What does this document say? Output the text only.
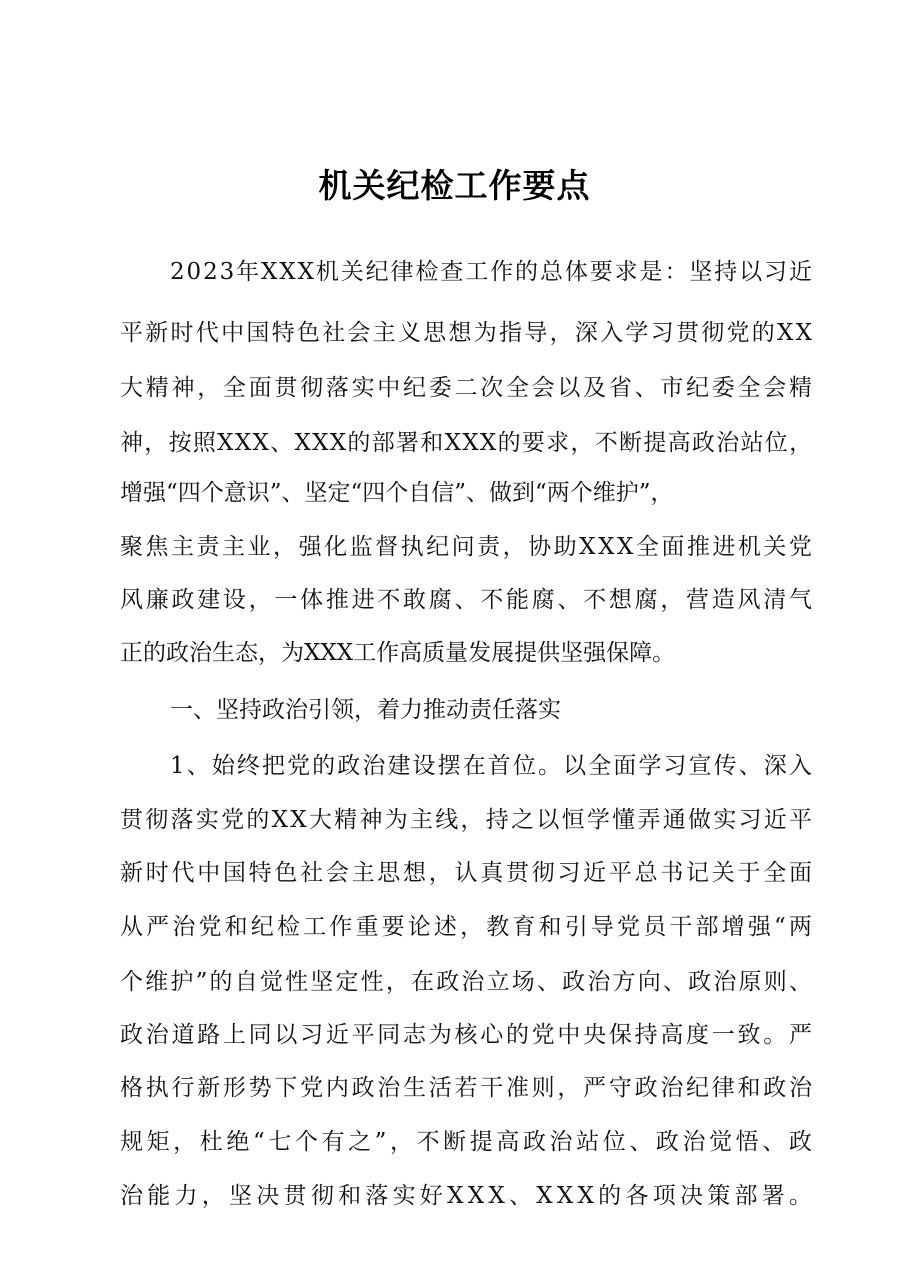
机关纪检工作要点
2023年XXX机关纪律检查工作的总体要求是：坚持以习近
平新时代中国特色社会主义思想为指导，深入学习贯彻党的XX
大精神，全面贯彻落实中纪委二次全会以及省、市纪委全会精
神，按照XXX、XXX的部署和XXX的要求，不断提高政治站位，
增强“四个意识”、坚定“四个自信”、做到“两个维护”，
聚焦主责主业，强化监督执纪问责，协助XXX全面推进机关党
风廉政建设，一体推进不敢腐、不能腐、不想腐，营造风清气
正的政治生态，为XXX工作高质量发展提供坚强保障。
一、坚持政治引领，着力推动责任落实
1、始终把党的政治建设摆在首位。以全面学习宣传、深入
贯彻落实党的XX大精神为主线，持之以恒学懂弄通做实习近平
新时代中国特色社会主思想，认真贯彻习近平总书记关于全面
从严治党和纪检工作重要论述，教育和引导党员干部增强“两
个维护”的自觉性坚定性，在政治立场、政治方向、政治原则、
政治道路上同以习近平同志为核心的党中央保持高度一致。严
格执行新形势下党内政治生活若干准则，严守政治纪律和政治
规矩，杜绝“七个有之”，不断提高政治站位、政治觉悟、政
治能力，坚决贯彻和落实好XXX、XXX的各项决策部署。
